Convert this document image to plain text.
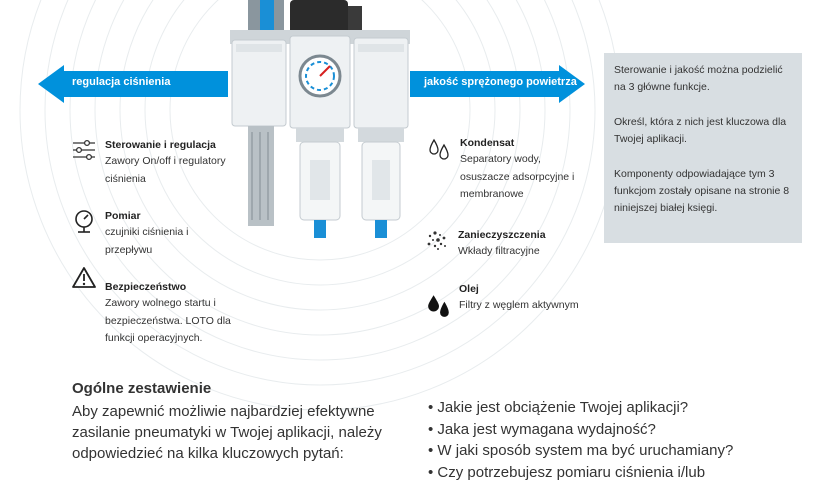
regulacja ciśnienia	jakość sprężonego powietrza

Sterowanie i jakość można podzielić na 3 główne funkcje.

Określ, która z nich jest kluczowa dla Twojej aplikacji.

Komponenty odpowiadające tym 3 funkcjom zostały opisane na stronie 8 niniejszej białej księgi.

Sterowanie i regulacja
Zawory On/off i regulatory ciśnienia
Pomiar
czujniki ciśnienia i przepływu
Bezpieczeństwo
Zawory wolnego startu i bezpieczeństwa. LOTO dla funkcji operacyjnych.
Kondensat
Separatory wody, osuszacze adsorpcyjne i membranowe
Zanieczyszczenia
Wkłady filtracyjne
Olej
Filtry z węglem aktywnym
Ogólne zestawienie
Aby zapewnić możliwie najbardziej efektywne zasilanie pneumatyki w Twojej aplikacji, należy odpowiedzieć na kilka kluczowych pytań:
• Jakie jest obciążenie Twojej aplikacji?
• Jaka jest wymagana wydajność?
• W jaki sposób system ma być uruchamiany?
• Czy potrzebujesz pomiaru ciśnienia i/lub
